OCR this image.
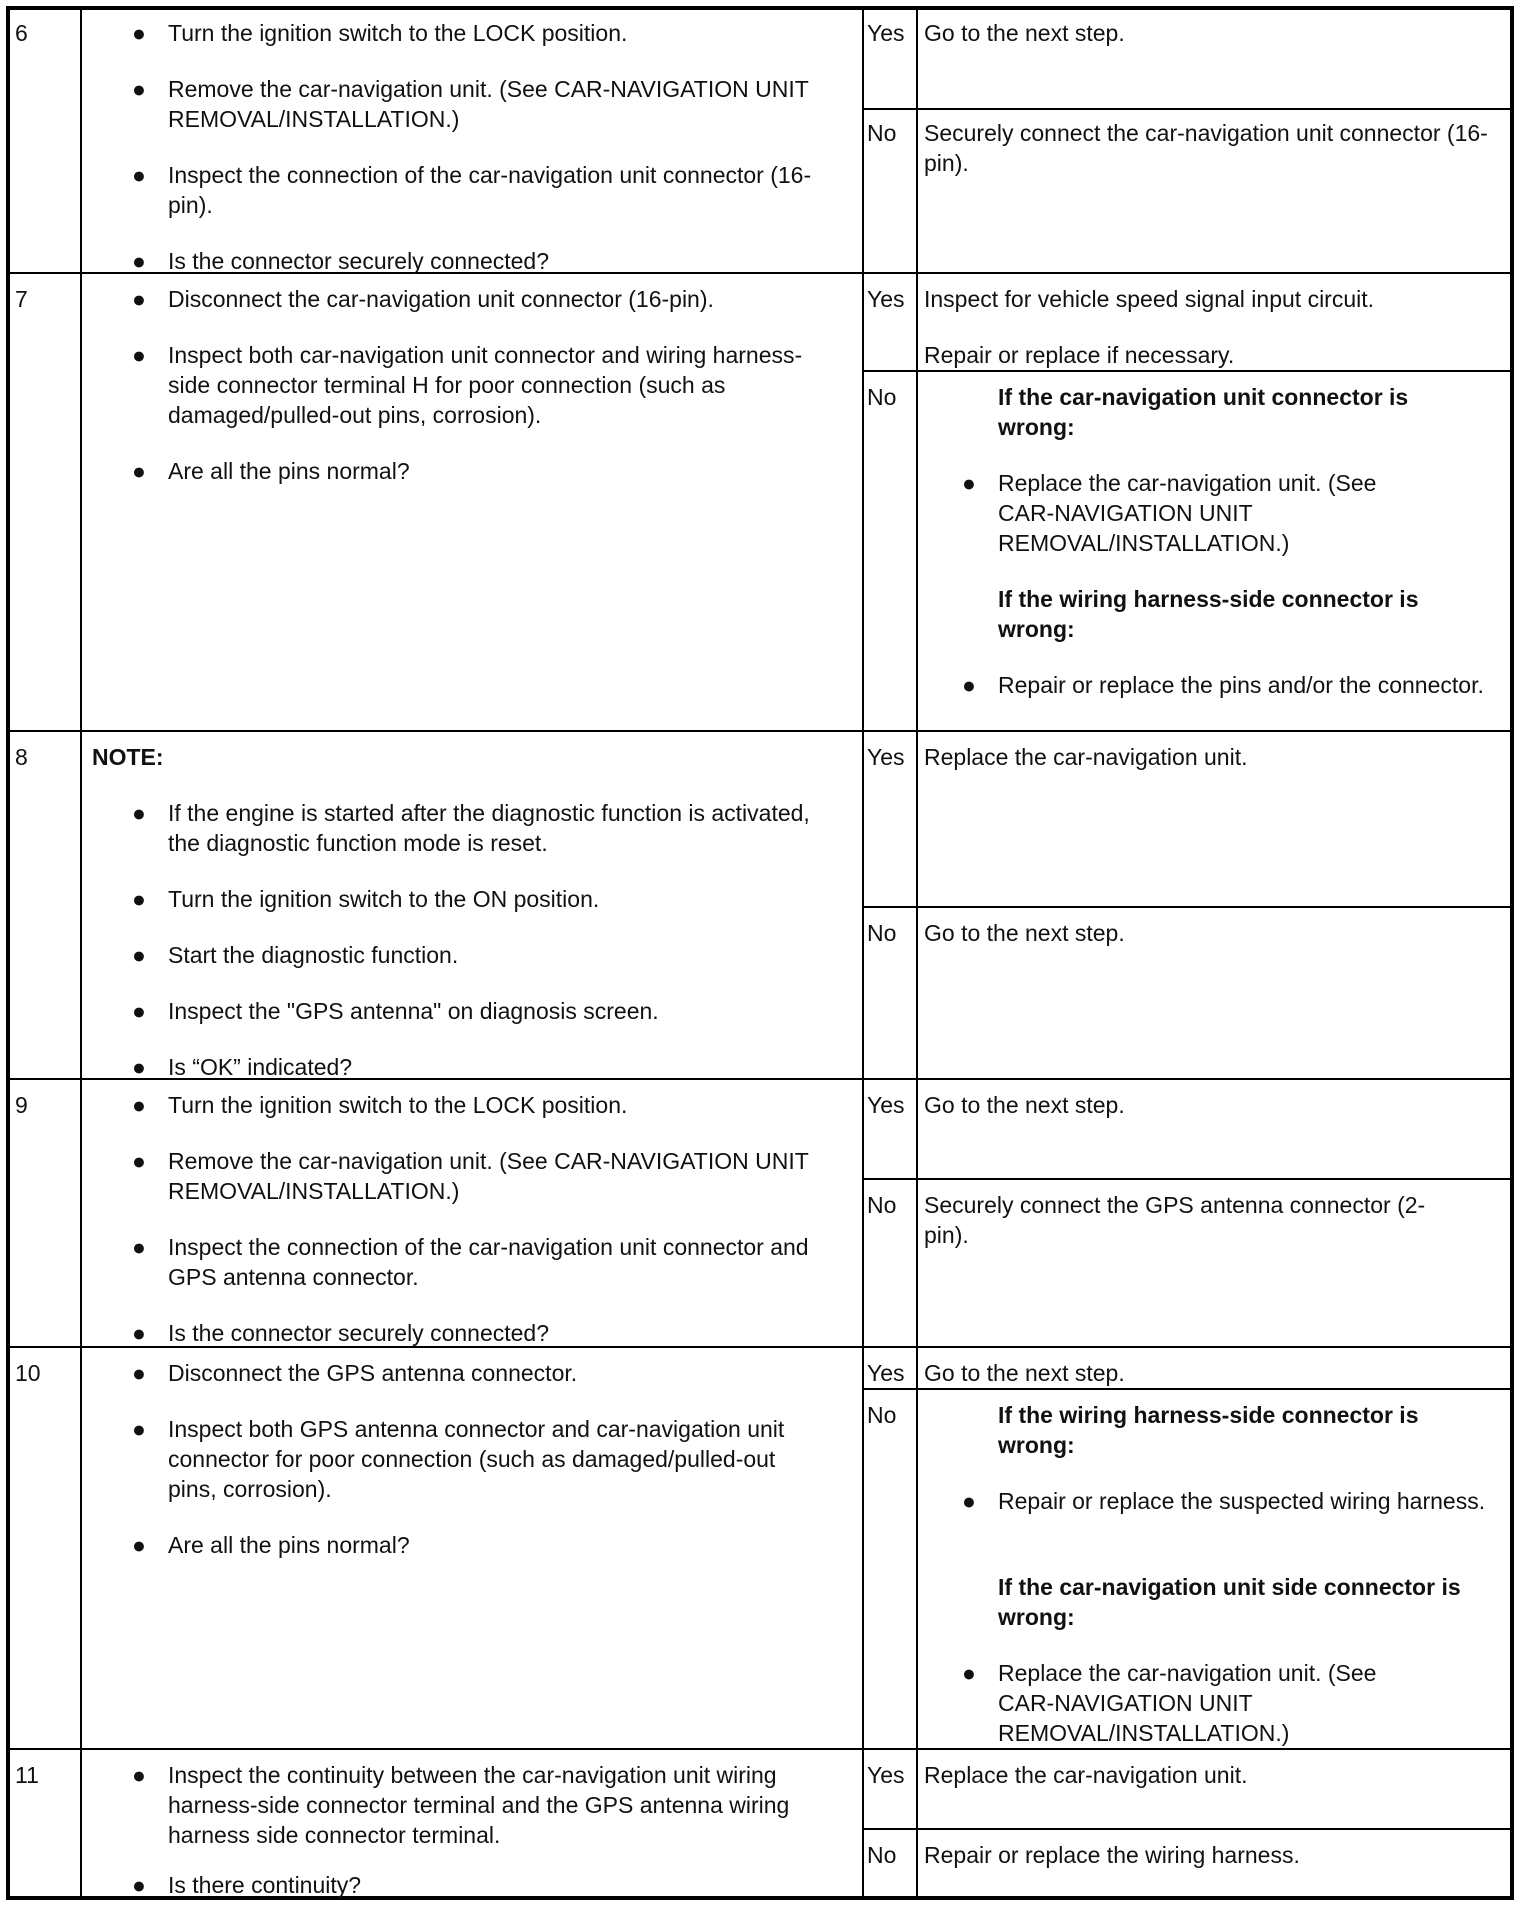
6	● Turn the ignition switch to the LOCK position.
● Remove the car-navigation unit. (See CAR-NAVIGATION UNIT REMOVAL/INSTALLATION.)
● Inspect the connection of the car-navigation unit connector (16-pin).
● Is the connector securely connected?
Yes Go to the next step.
No Securely connect the car-navigation unit connector (16-pin).
7	● Disconnect the car-navigation unit connector (16-pin).
● Inspect both car-navigation unit connector and wiring harness-side connector terminal H for poor connection (such as damaged/pulled-out pins, corrosion).
● Are all the pins normal?
Yes Inspect for vehicle speed signal input circuit.
Repair or replace if necessary.
No	If the car-navigation unit connector is wrong:
● Replace the car-navigation unit. (See CAR-NAVIGATION UNIT REMOVAL/INSTALLATION.)
If the wiring harness-side connector is wrong:
● Repair or replace the pins and/or the connector.
8	NOTE:
● If the engine is started after the diagnostic function is activated, the diagnostic function mode is reset.
● Turn the ignition switch to the ON position.
● Start the diagnostic function.
● Inspect the "GPS antenna" on diagnosis screen.
● Is “OK” indicated?
Yes Replace the car-navigation unit.
No Go to the next step.
9	● Turn the ignition switch to the LOCK position.
● Remove the car-navigation unit. (See CAR-NAVIGATION UNIT REMOVAL/INSTALLATION.)
● Inspect the connection of the car-navigation unit connector and GPS antenna connector.
● Is the connector securely connected?
Yes Go to the next step.
No Securely connect the GPS antenna connector (2-pin).
10	● Disconnect the GPS antenna connector.
● Inspect both GPS antenna connector and car-navigation unit connector for poor connection (such as damaged/pulled-out pins, corrosion).
● Are all the pins normal?
Yes Go to the next step.
No	If the wiring harness-side connector is wrong:
● Repair or replace the suspected wiring harness.
If the car-navigation unit side connector is wrong:
● Replace the car-navigation unit. (See CAR-NAVIGATION UNIT REMOVAL/INSTALLATION.)
11	● Inspect the continuity between the car-navigation unit wiring harness-side connector terminal and the GPS antenna wiring harness side connector terminal.
● Is there continuity?
Yes Replace the car-navigation unit.
No Repair or replace the wiring harness.
